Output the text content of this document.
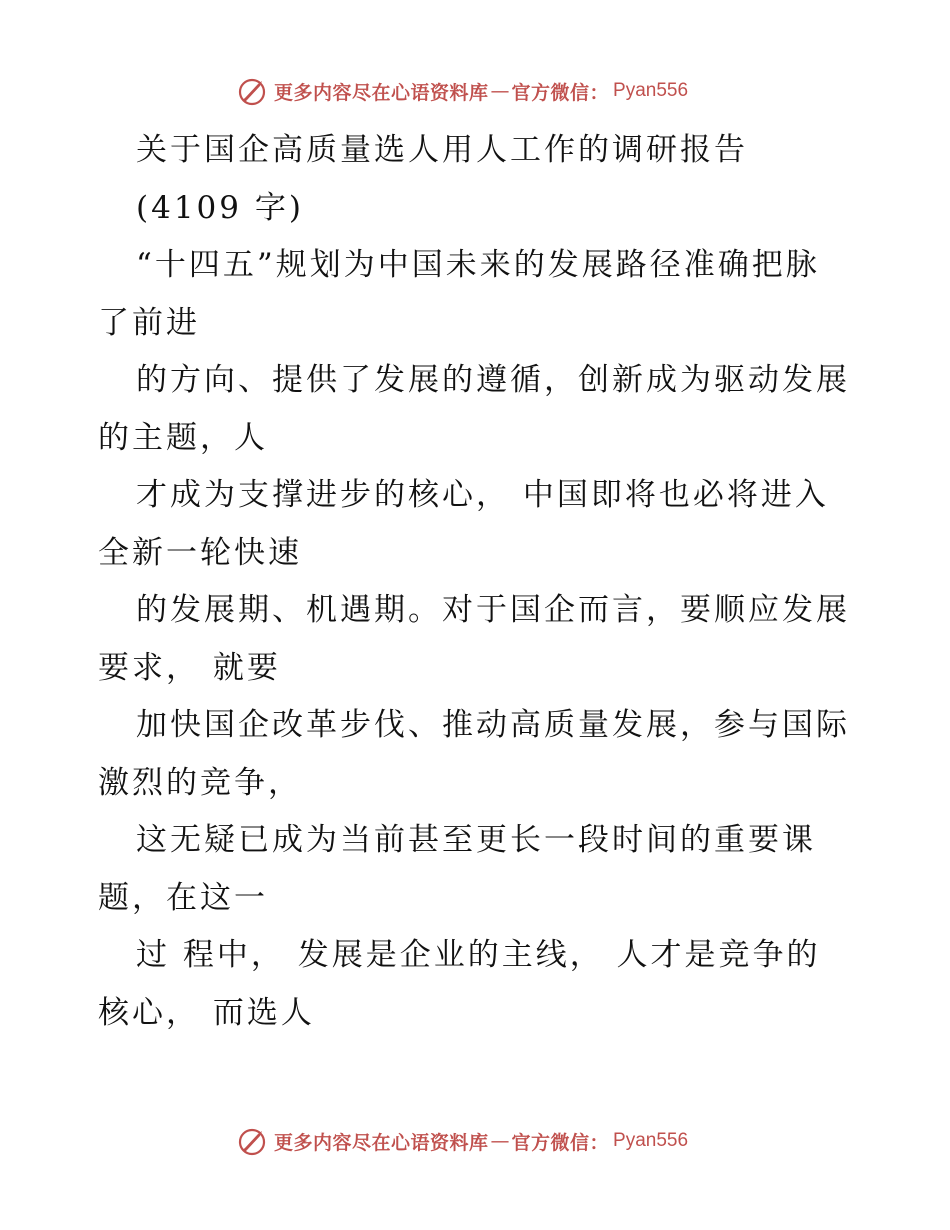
更多内容尽在心语资料库 — 官方微信： Pyan556
关于国企高质量选人用人工作的调研报告
(4109 字)
“十四五”规划为中国未来的发展路径准确把脉
了前进
的方向、提供了发展的遵循，创新成为驱动发展
的主题，人
才成为支撑进步的核心， 中国即将也必将进入
全新一轮快速
的发展期、机遇期。对于国企而言，要顺应发展
要求， 就要
加快国企改革步伐、推动高质量发展，参与国际
激烈的竞争，
这无疑已成为当前甚至更长一段时间的重要课
题，在这一
过 程中， 发展是企业的主线， 人才是竞争的
核心， 而选人
更多内容尽在心语资料库 — 官方微信： Pyan556
